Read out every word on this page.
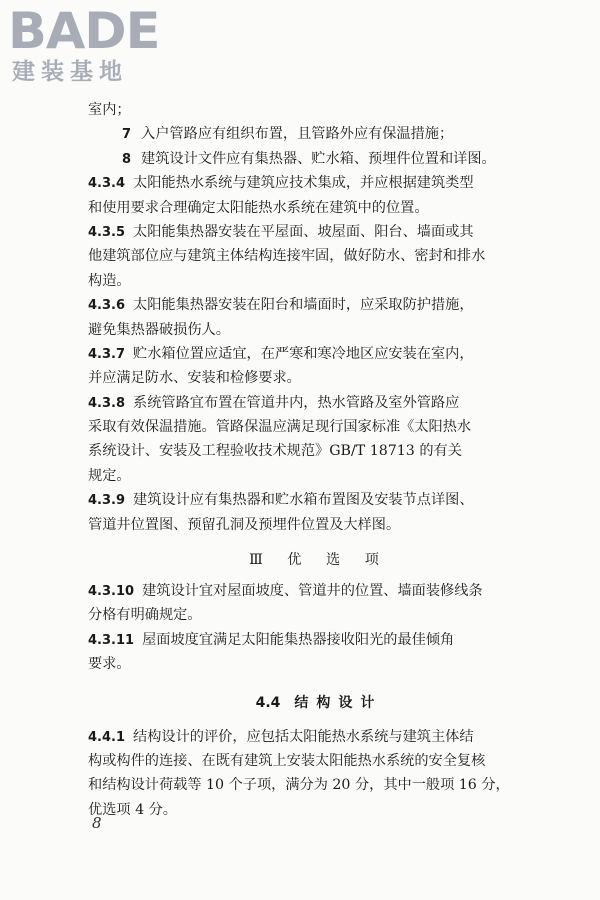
BADE
建装基地
室内；
7 入户管路应有组织布置，且管路外应有保温措施；
8 建筑设计文件应有集热器、贮水箱、预埋件位置和详图。
4.3.4 太阳能热水系统与建筑应技术集成，并应根据建筑类型
和使用要求合理确定太阳能热水系统在建筑中的位置。
4.3.5 太阳能集热器安装在平屋面、坡屋面、阳台、墙面或其
他建筑部位应与建筑主体结构连接牢固，做好防水、密封和排水
构造。
4.3.6 太阳能集热器安装在阳台和墙面时，应采取防护措施，
避免集热器破损伤人。
4.3.7 贮水箱位置应适宜，在严寒和寒冷地区应安装在室内，
并应满足防水、安装和检修要求。
4.3.8 系统管路宜布置在管道井内，热水管路及室外管路应
采取有效保温措施。管路保温应满足现行国家标准《太阳热水
系统设计、安装及工程验收技术规范》GB/T 18713 的有关
规定。
4.3.9 建筑设计应有集热器和贮水箱布置图及安装节点详图、
管道井位置图、预留孔洞及预埋件位置及大样图。
Ⅲ 优 选 项
4.3.10 建筑设计宜对屋面坡度、管道井的位置、墙面装修线条
分格有明确规定。
4.3.11 屋面坡度宜满足太阳能集热器接收阳光的最佳倾角
要求。
4.4 结构设计
4.4.1 结构设计的评价，应包括太阳能热水系统与建筑主体结
构或构件的连接、在既有建筑上安装太阳能热水系统的安全复核
和结构设计荷载等 10 个子项，满分为 20 分，其中一般项 16 分，
优选项 4 分。
8
